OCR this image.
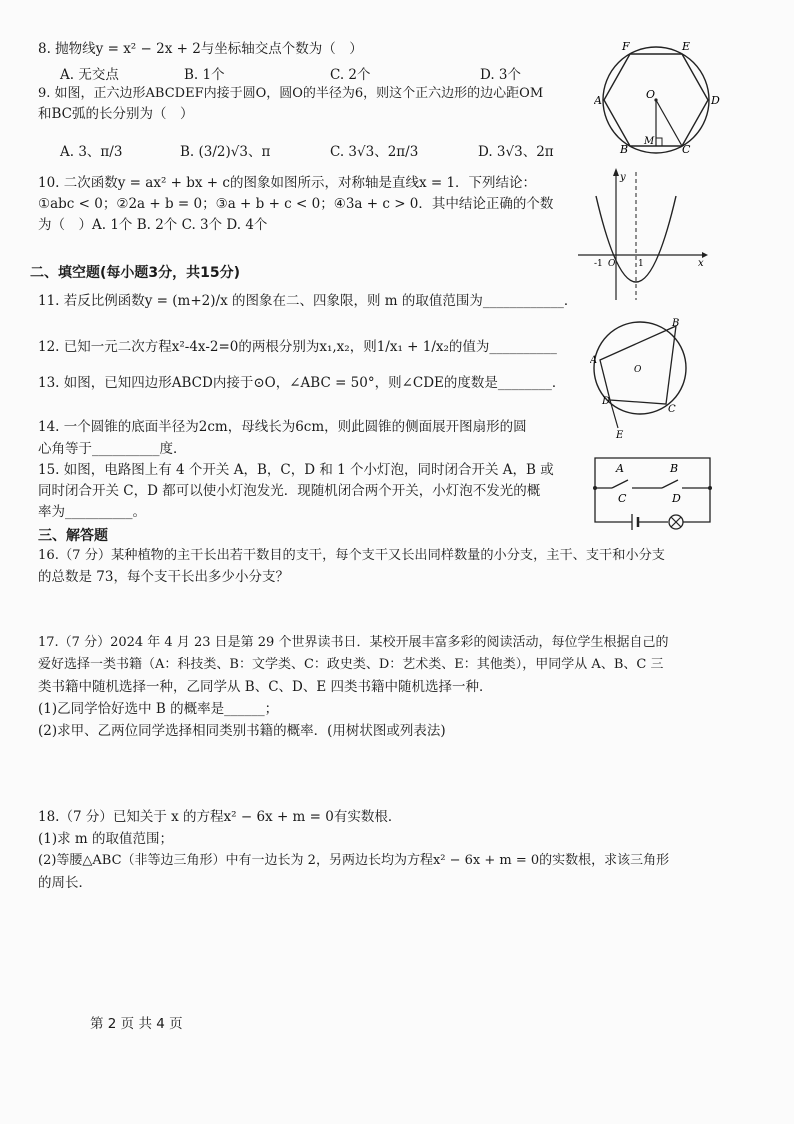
8. 抛物线y = x² − 2x + 2与坐标轴交点个数为（　）
A. 无交点	B. 1个	C. 2个	D. 3个
9. 如图，正六边形ABCDEF内接于圆O，圆O的半径为6，则这个正六边形的边心距OM
和BC弧的长分别为（　）
A. 3、π/3	B. (3/2)√3、π	C. 3√3、2π/3	D. 3√3、2π
F	E
A	D
B	C
O
M
10. 二次函数y = ax² + bx + c的图象如图所示，对称轴是直线x = 1．下列结论：
①abc < 0；②2a + b = 0；③a + b + c < 0；④3a + c > 0．其中结论正确的个数
为（　）A. 1个 B. 2个 C. 3个 D. 4个
y
-1 O	1	x
二、填空题(每小题3分，共15分)
11. 若反比例函数y = (m+2)/x 的图象在二、四象限，则 m 的取值范围为____________．
12. 已知一元二次方程x²-4x-2=0的两根分别为x₁,x₂，则1/x₁ + 1/x₂的值为__________
13. 如图，已知四边形ABCD内接于⊙O，∠ABC = 50°，则∠CDE的度数是________．
B
A
O
D
C
E
14. 一个圆锥的底面半径为2cm，母线长为6cm，则此圆锥的侧面展开图扇形的圆
心角等于__________度．
15. 如图，电路图上有 4 个开关 A，B，C，D 和 1 个小灯泡，同时闭合开关 A，B 或
同时闭合开关 C，D 都可以使小灯泡发光．现随机闭合两个开关，小灯泡不发光的概
率为__________。
A	B
C	D
三、解答题
16.（7 分）某种植物的主干长出若干数目的支干，每个支干又长出同样数量的小分支，主干、支干和小分支
的总数是 73，每个支干长出多少小分支？
17.（7 分）2024 年 4 月 23 日是第 29 个世界读书日．某校开展丰富多彩的阅读活动，每位学生根据自己的
爱好选择一类书籍（A：科技类、B：文学类、C：政史类、D：艺术类、E：其他类），甲同学从 A、B、C 三
类书籍中随机选择一种，乙同学从 B、C、D、E 四类书籍中随机选择一种．
(1)乙同学恰好选中 B 的概率是______；
(2)求甲、乙两位同学选择相同类别书籍的概率．(用树状图或列表法)
18.（7 分）已知关于 x 的方程x² − 6x + m = 0有实数根．
(1)求 m 的取值范围；
(2)等腰△ABC（非等边三角形）中有一边长为 2，另两边长均为方程x² − 6x + m = 0的实数根，求该三角形
的周长．
第 2 页 共 4 页
